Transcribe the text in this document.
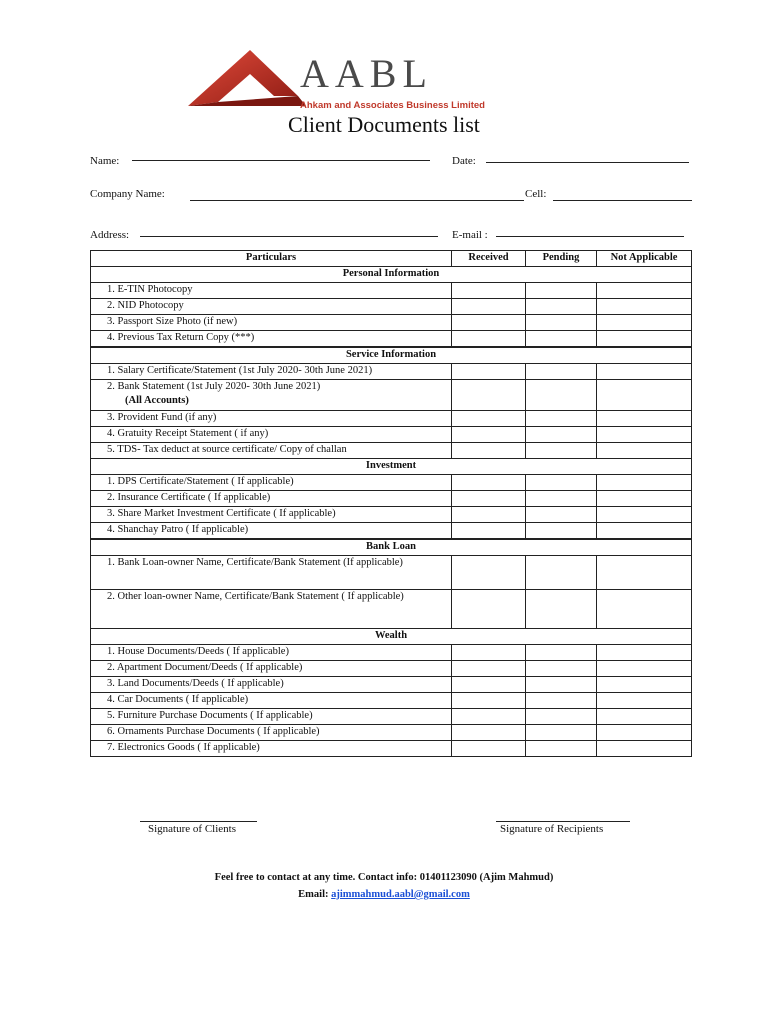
AABL
Ahkam and Associates Business Limited
Client Documents list
Name:	Date:
Company Name:	Cell:
Address:	E-mail :
Particulars	Received	Pending	Not Applicable
Personal Information			
1. E-TIN Photocopy			
2. NID Photocopy			
3. Passport Size Photo (if new)			
4. Previous Tax Return Copy (***)			
Service Information			
1. Salary Certificate/Statement (1st July 2020- 30th June 2021)			
2. Bank Statement (1st July 2020- 30th June 2021)
(All Accounts)			

3. Provident Fund (if any)			
4. Gratuity Receipt Statement ( if any)			
5. TDS- Tax deduct at source certificate/ Copy of challan			
Investment			
1. DPS Certificate/Statement ( If applicable)			
2. Insurance Certificate ( If applicable)			
3. Share Market Investment Certificate ( If applicable)			
4. Shanchay Patro ( If applicable)			
Bank Loan			
1. Bank Loan-owner Name, Certificate/Bank Statement (If applicable)			
2. Other loan-owner Name, Certificate/Bank Statement ( If applicable)			
Wealth			
1. House Documents/Deeds ( If applicable)			
2. Apartment Document/Deeds ( If applicable)			
3. Land Documents/Deeds ( If applicable)			
4. Car Documents ( If applicable)			
5. Furniture Purchase Documents ( If applicable)			
6. Ornaments Purchase Documents ( If applicable)			
7. Electronics Goods ( If applicable)			
Signature of Clients	Signature of Recipients
Feel free to contact at any time. Contact info: 01401123090 (Ajim Mahmud)
Email: ajimmahmud.aabl@gmail.com
